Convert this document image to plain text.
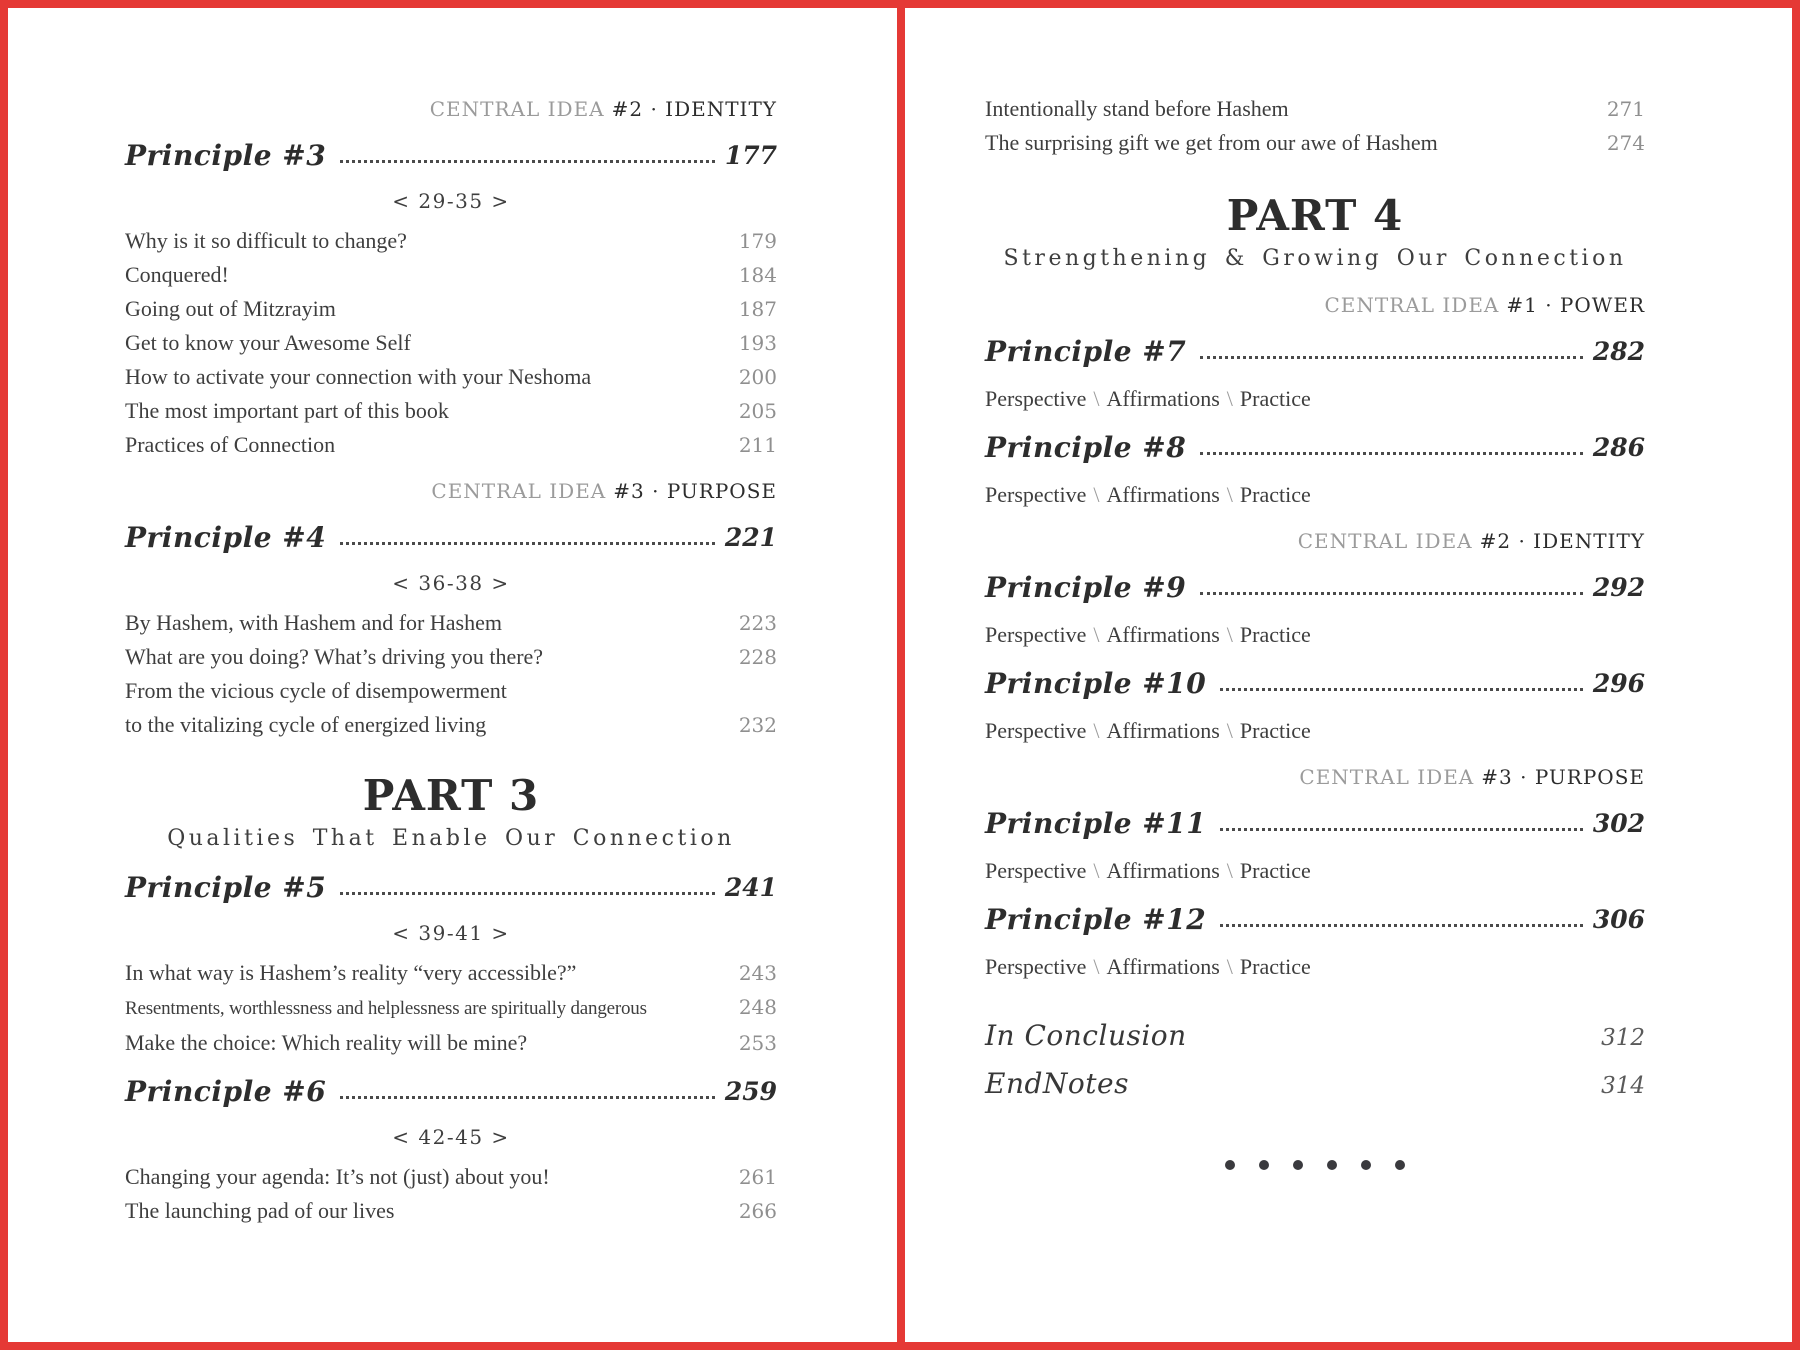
CENTRAL IDEA #2 · IDENTITY

Principle #3	177

< 29-35 >

Why is it so difficult to change?	179
Conquered!	184
Going out of Mitzrayim	187
Get to know your Awesome Self	193
How to activate your connection with your Neshoma	200
The most important part of this book	205
Practices of Connection	211

CENTRAL IDEA #3 · PURPOSE

Principle #4	221

< 36-38 >

By Hashem, with Hashem and for Hashem	223
What are you doing? What’s driving you there?	228
From the vicious cycle of disempowerment
to the vitalizing cycle of energized living	232
PART 3

Qualities That Enable Our Connection

Principle #5	241

< 39-41 >

In what way is Hashem’s reality “very accessible?”	243
Resentments, worthlessness and helplessness are spiritually dangerous	248
Make the choice: Which reality will be mine?	253
Principle #6	259

< 42-45 >

Changing your agenda: It’s not (just) about you!	261
The launching pad of our lives	266
Intentionally stand before Hashem	271
The surprising gift we get from our awe of Hashem	274
PART 4

Strengthening & Growing Our Connection

CENTRAL IDEA #1 · POWER

Principle #7	282

Perspective \ Affirmations \ Practice

Principle #8	286

Perspective \ Affirmations \ Practice

CENTRAL IDEA #2 · IDENTITY

Principle #9	292

Perspective \ Affirmations \ Practice

Principle #10	296

Perspective \ Affirmations \ Practice

CENTRAL IDEA #3 · PURPOSE

Principle #11	302

Perspective \ Affirmations \ Practice

Principle #12	306

Perspective \ Affirmations \ Practice

In Conclusion	312
EndNotes	314
